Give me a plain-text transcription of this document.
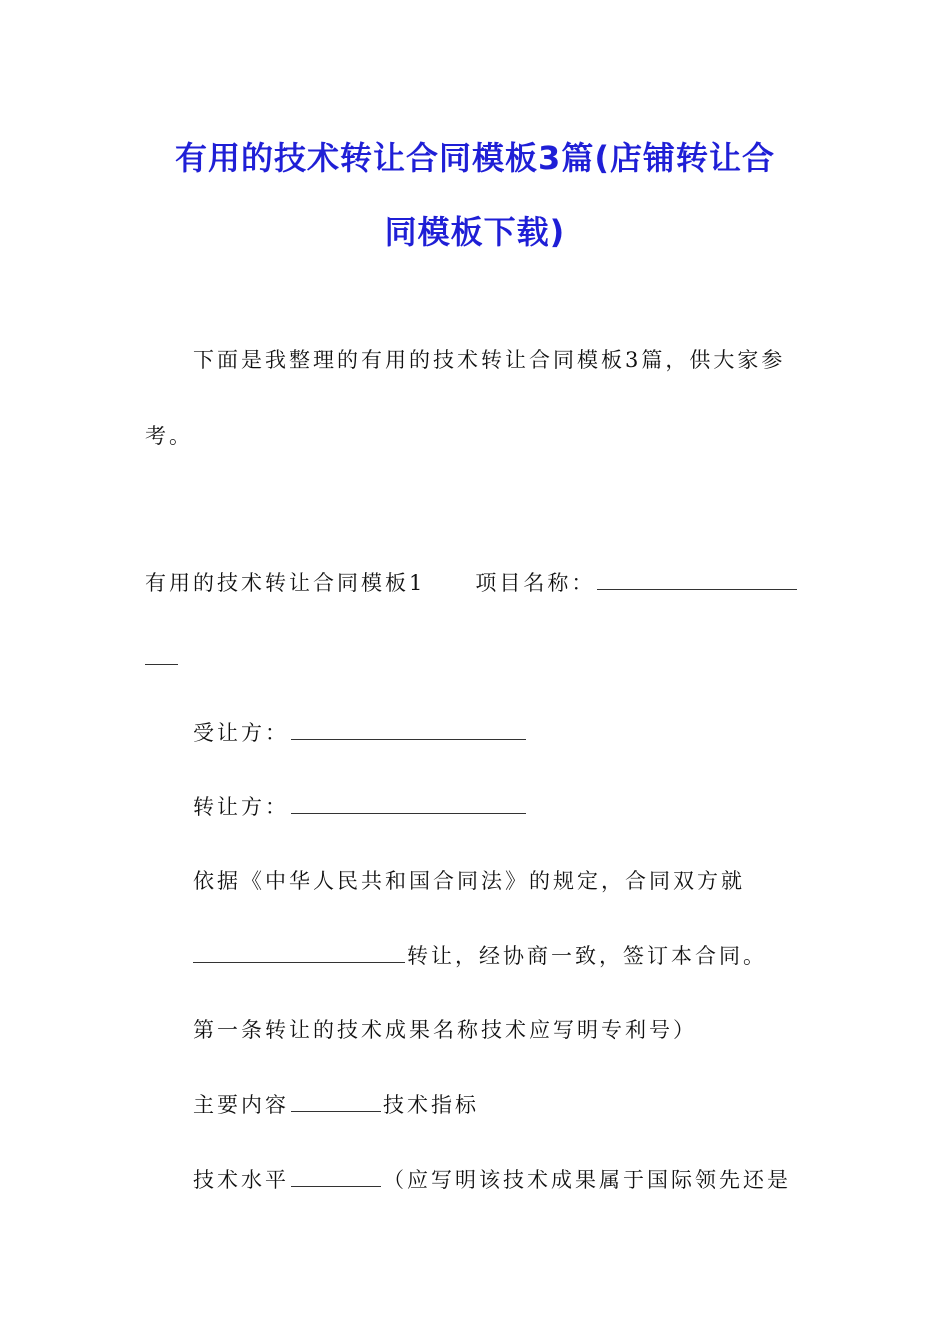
有用的技术转让合同模板3篇(店铺转让合
同模板下载)
下面是我整理的有用的技术转让合同模板3篇，供大家参
考。
有用的技术转让合同模板1 项目名称：
受让方：
转让方：
依据《中华人民共和国合同法》的规定，合同双方就
转让，经协商一致，签订本合同。
第一条转让的技术成果名称技术应写明专利号）
主要内容	技术指标
技术水平	（应写明该技术成果属于国际领先还是
